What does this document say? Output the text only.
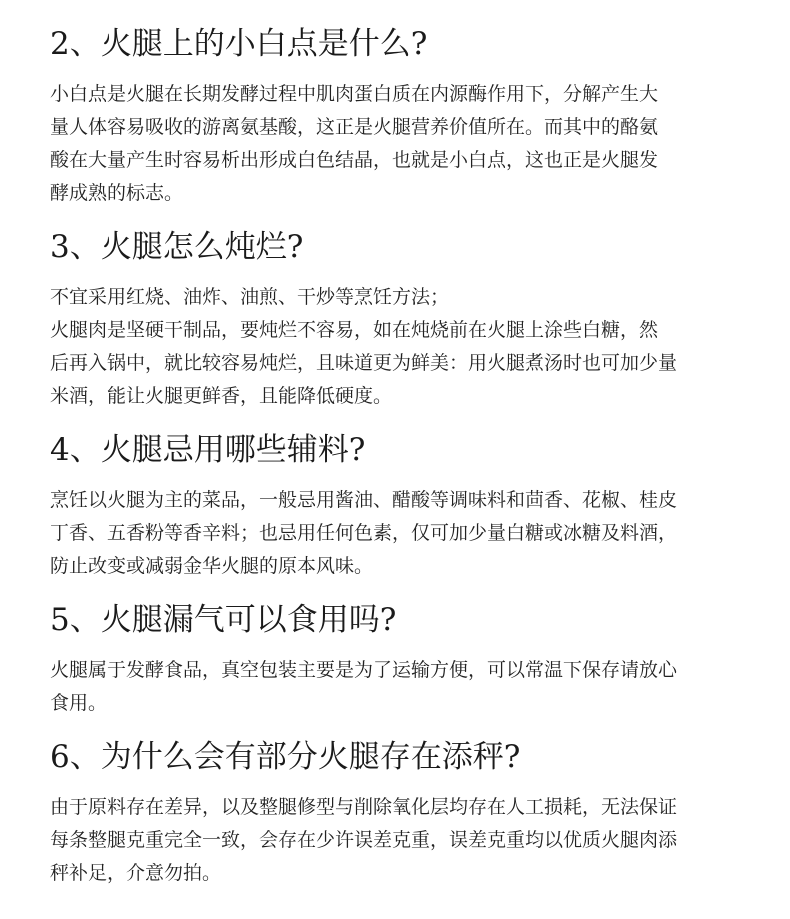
2、火腿上的小白点是什么?

小白点是火腿在长期发酵过程中肌肉蛋白质在内源酶作用下，分解产生大

量人体容易吸收的游离氨基酸，这正是火腿营养价值所在。而其中的酪氨

酸在大量产生时容易析出形成白色结晶，也就是小白点，这也正是火腿发

酵成熟的标志。

3、火腿怎么炖烂?

不宜采用红烧、油炸、油煎、干炒等烹饪方法；

火腿肉是坚硬干制品，要炖烂不容易，如在炖烧前在火腿上涂些白糖，然

后再入锅中，就比较容易炖烂，且味道更为鲜美：用火腿煮汤时也可加少量

米酒，能让火腿更鲜香，且能降低硬度。

4、火腿忌用哪些辅料?

烹饪以火腿为主的菜品，一般忌用酱油、醋酸等调味料和茴香、花椒、桂皮

丁香、五香粉等香辛料；也忌用任何色素，仅可加少量白糖或冰糖及料酒，

防止改变或减弱金华火腿的原本风味。

5、火腿漏气可以食用吗?

火腿属于发酵食品，真空包装主要是为了运输方便，可以常温下保存请放心

食用。

6、为什么会有部分火腿存在添秤?

由于原料存在差异，以及整腿修型与削除氧化层均存在人工损耗，无法保证

每条整腿克重完全一致，会存在少许误差克重，误差克重均以优质火腿肉添

秤补足，介意勿拍。
